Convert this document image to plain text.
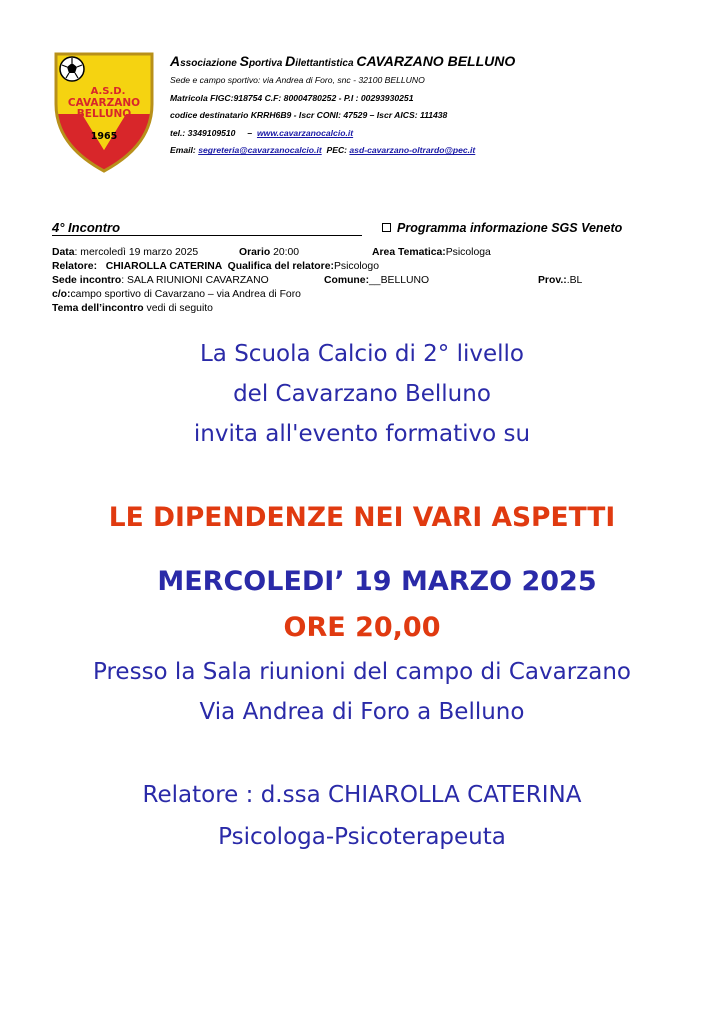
A.S.D.
CAVARZANO
BELLUNO
1965
Associazione Sportiva Dilettantistica CAVARZANO BELLUNO
Sede e campo sportivo: via Andrea di Foro, snc - 32100 BELLUNO
Matricola FIGC:918754 C.F: 80004780252 - P.I : 00293930251
codice destinatario KRRH6B9 - Iscr CONI: 47529 – Iscr AICS: 111438
tel.: 3349109510     –  www.cavarzanocalcio.it
Email: segreteria@cavarzanocalcio.it  PEC: asd-cavarzano-oltrardo@pec.it
4° Incontro	Programma informazione SGS Veneto
Data: mercoledì 19 marzo 2025	Orario 20:00	Area Tematica:Psicologa
Relatore:   CHIAROLLA CATERINA  Qualifica del relatore:Psicologo
Sede incontro: SALA RIUNIONI CAVARZANO	Comune:__BELLUNO	Prov.:.BL
c/o:campo sportivo di Cavarzano – via Andrea di Foro
Tema dell’incontro vedi di seguito
La Scuola Calcio di 2° livello
del Cavarzano Belluno
invita all'evento formativo su
LE DIPENDENZE NEI VARI ASPETTI
MERCOLEDI’ 19 MARZO 2025
ORE 20,00
Presso la Sala riunioni del campo di Cavarzano
Via Andrea di Foro a Belluno
Relatore : d.ssa CHIAROLLA CATERINA
Psicologa-Psicoterapeuta
